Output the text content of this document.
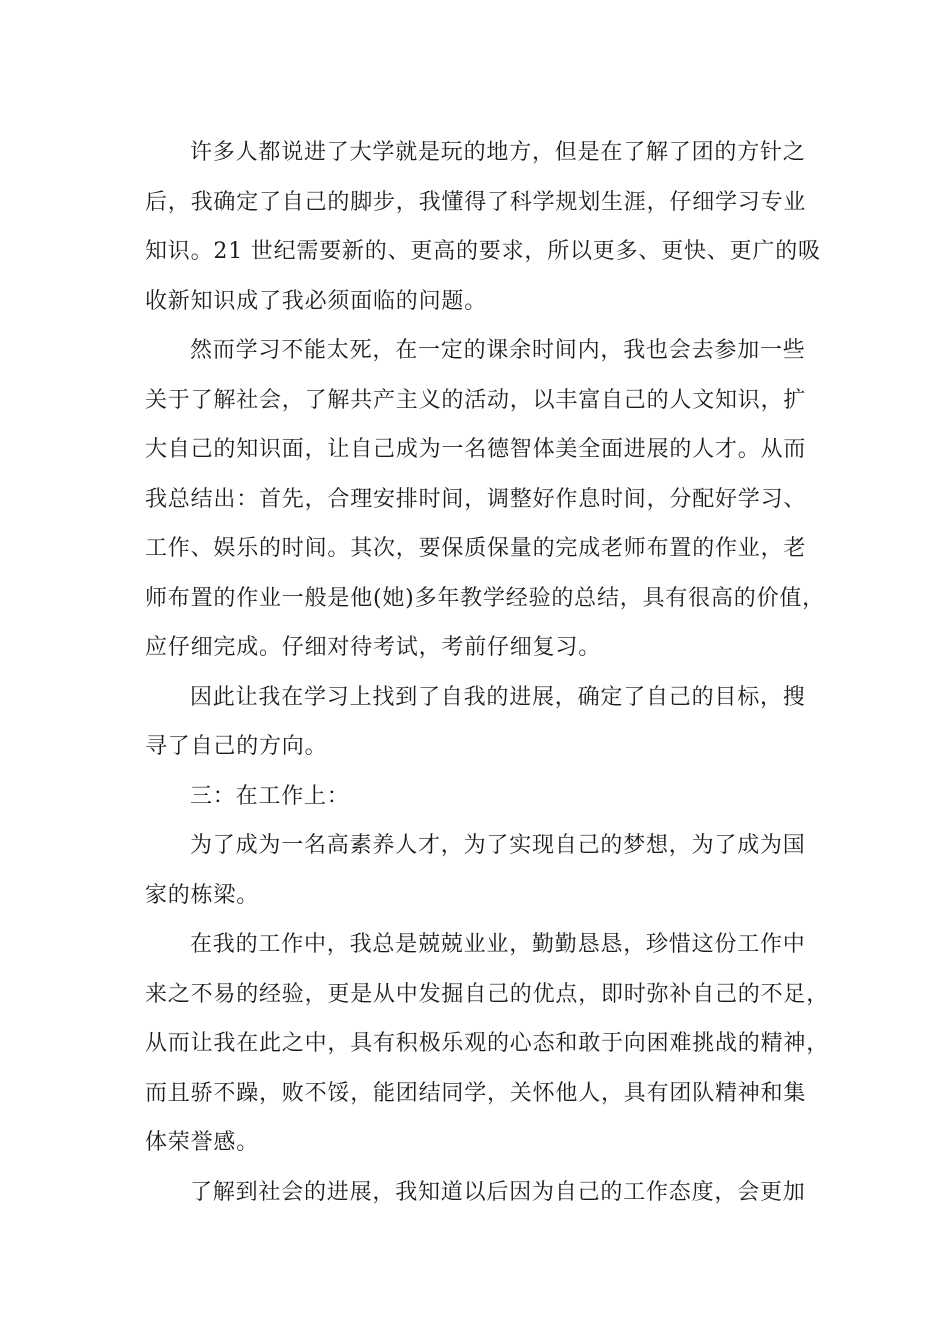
许多人都说进了大学就是玩的地方，但是在了解了团的方针之
后，我确定了自己的脚步，我懂得了科学规划生涯，仔细学习专业
知识。21 世纪需要新的、更高的要求，所以更多、更快、更广的吸
收新知识成了我必须面临的问题。

然而学习不能太死，在一定的课余时间内，我也会去参加一些
关于了解社会，了解共产主义的活动，以丰富自己的人文知识，扩
大自己的知识面，让自己成为一名德智体美全面进展的人才。从而
我总结出：首先，合理安排时间，调整好作息时间，分配好学习、
工作、娱乐的时间。其次，要保质保量的完成老师布置的作业，老
师布置的作业一般是他(她)多年教学经验的总结，具有很高的价值，
应仔细完成。仔细对待考试，考前仔细复习。

因此让我在学习上找到了自我的进展，确定了自己的目标，搜
寻了自己的方向。

三：在工作上：

为了成为一名高素养人才，为了实现自己的梦想，为了成为国
家的栋梁。

在我的工作中，我总是兢兢业业，勤勤恳恳，珍惜这份工作中
来之不易的经验，更是从中发掘自己的优点，即时弥补自己的不足，
从而让我在此之中，具有积极乐观的心态和敢于向困难挑战的精神，
而且骄不躁，败不馁，能团结同学，关怀他人，具有团队精神和集
体荣誉感。

了解到社会的进展，我知道以后因为自己的工作态度，会更加
